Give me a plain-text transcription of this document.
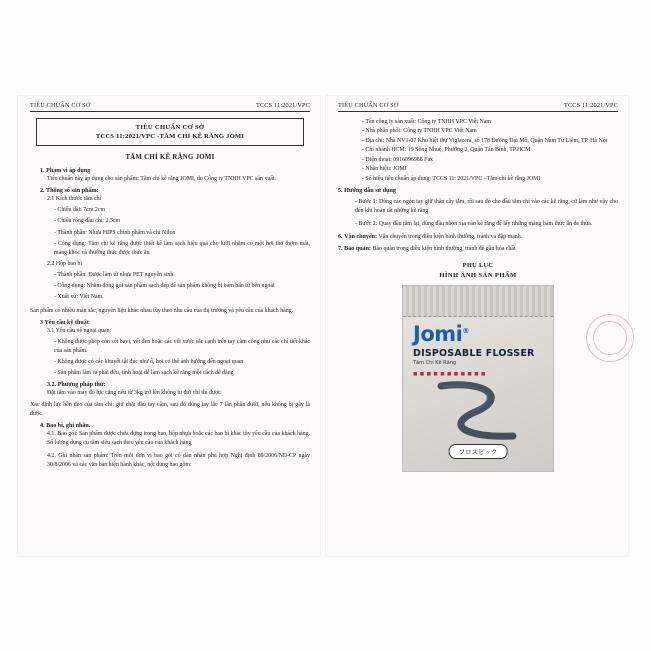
TIÊU CHUẨN CƠ SỞ	TCCS 11:2021/VPC
TIÊU CHUẨN CƠ SỞ
TCCS 11:2021/VPC -TĂM CHỈ KẼ RĂNG JOMI
TĂM CHỈ KẼ RĂNG JOMI
1. Phạm vi áp dụng
Tiêu chuẩn này áp dụng cho sản phẩm: Tăm chỉ kẽ răng JOMI, do Công ty TNHH VPC sản xuất.
2. Thông số sản phẩm:
2.1 Kích thước tăm chỉ
- Chiều dài: 7cm.2cm
- Chiều rộng đầu chỉ: 2.5cm
- Thành phần: Nhựa HIPS chính phẩm và chỉ Nilon
- Công dụng: Tăm chỉ kẽ răng được thiết kế làm sạch hiệu quả cho lưỡi nhằm có một hơi thở thơm mát, mảng khóc và thường thức được thức ăn.
2.2 Hộp bao bì
- Thành phần: Được làm từ nhựa PET nguyên sinh.
- Công dụng: Nhằm đóng gói sản phẩm sạch đẹp để sản phẩm không bị bám bẩn từ bên ngoài
- Xuất xứ: Việt Nam.
Sản phẩm có nhiều màu sắc, nguyên liệu khác nhau tùy theo nhu cầu của thị trường và yêu cầu của khách hàng.
3 Yêu cầu kỹ thuật
3.1 Yêu cầu về ngoại quan:
- Không được phép còn sót bavi, vết đen hoặc các vết xước sắc cạnh trên tay cầm công như các chỉ tiết khác của sản phẩm.
- Không được có các khuyết tật đúc như ố, bọt có thể ảnh hưởng đến ngoại quan
- Sản phẩm làm ra phải đều, tính hoạt dễ làm sạch kẽ răng một cách dễ dàng
3.2. Phương pháp thử:
Đặt tăm vào máy đo lực cẳng nếu từ 3kg trở lên không bị đứt chỉ thì được
Xác định lực bền đèo của tăm chỉ: giữ chặt đầu tay cầm, sau đó dùng tay lắc 7 lần phần dưới, nếu không bị gãy là được.
4. Bao bì, ghi nhãn.
4.1. Bao gói: Sản phẩm được chứa đựng trong bao, bộp nhựa hoặc các bao bì khác tùy yêu cầu của khách hàng. Số lượng dụng cụ tăm siêu sạch theo yêu cầu của khách hàng
4.2. Ghi nhãn sản phẩm: Trên mỗi đơn vị bao gói có dán nhãn phù hợp Nghị định 89/2006/NĐ-CP ngày 30/8/2006 và các văn bản hiện hành khác, nội dung bao gồm:
TIÊU CHUẨN CƠ SỞ	TCCS 11:2021/VPC
- Tên công ty sản xuất: Công ty TNHH VPC Việt Nam
- Nhà phân phối: Công ty TNHH VPC Việt Nam
- Địa chỉ: Nhà NV1-07 Khu biệt thự Viglacera, số 178 Đường Đại Mỗ, Quận Nam Từ Liêm, TP. Hà Nội
- Chi nhánh HCM: 19 Sông Nhuệ, Phường 2, Quận Tân Bình, TP.HCM
- Điện thoại: 0916096988 Fax
- Nhãn hiệu: JOMI
- Số hiệu tiêu chuẩn áp dụng: TCCS 11: 2021/VPC –Tăm chỉ kẽ răng JOMI
5. Hướng dẫn sử dụng
- Bước 1: Dùng các ngón tay giữ thân cây tăm, rồi sau đó cho đầu tăm chỉ vào các kẽ răng, cứ làm như vậy cho đến khi hoàn tất những kẽ răng.
- Bước 2: Quay đầu tăm lại, dùng đầu nhọn xỉa vào kẽ răng để lấy những mảng bám thức ăn de thừa.
6. Vận chuyển: Vận chuyển trong điều kiện bình thường, tránh va đập mạnh.
7. Bảo quản: Bảo quản trong điều kiện bình thường, tránh để gần hóa chất
PHỤ LỤC
HÌNH ẢNH SẢN PHẨM
Jomi®
DISPOSABLE FLOSSER
Tăm Chỉ Kẽ Răng
■ ■ ■ ■ ■ ■ ■ ■ ■ ■ ■
フロスピック
